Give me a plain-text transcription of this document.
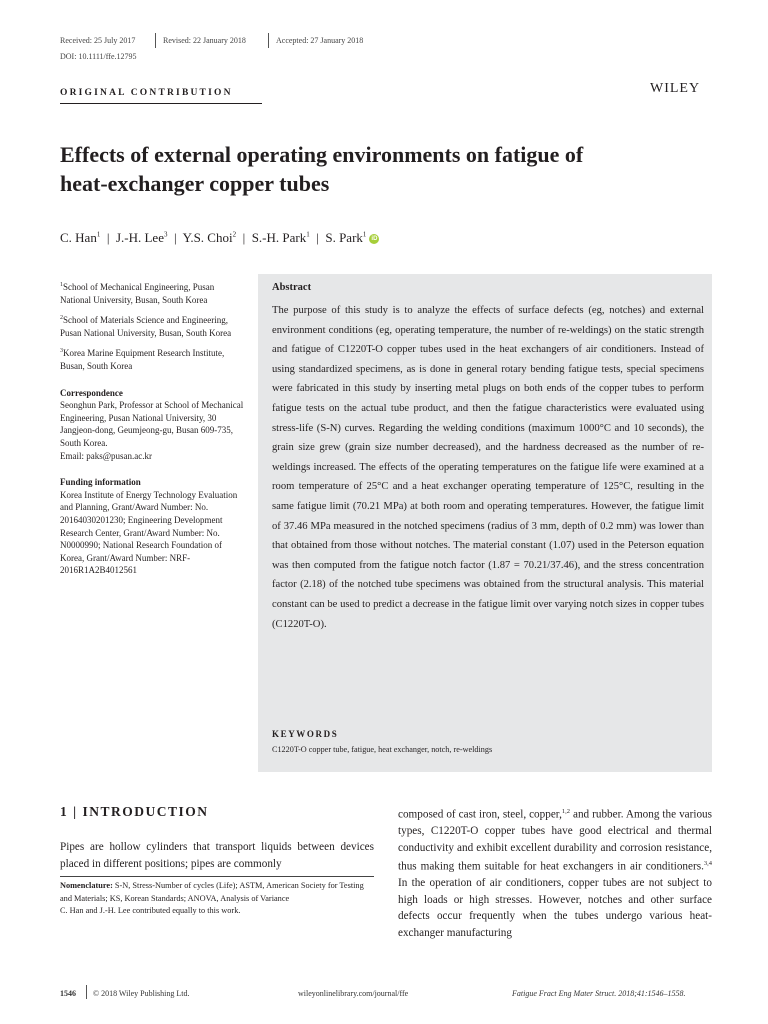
Received: 25 July 2017	Revised: 22 January 2018	Accepted: 27 January 2018
DOI: 10.1111/ffe.12795
ORIGINAL CONTRIBUTION	WILEY
Effects of external operating environments on fatigue of
heat-exchanger copper tubes
C. Han$^1$  |  J.-H. Lee$^3$  |  Y.S. Choi$^2$  |  S.-H. Park$^1$  |  S. Park$^1$iD
$^1$School of Mechanical Engineering, Pusan National University, Busan, South Korea
$^2$School of Materials Science and Engineering, Pusan National University, Busan, South Korea
$^3$Korea Marine Equipment Research Institute, Busan, South Korea
Correspondence
Seonghun Park, Professor at School of Mechanical Engineering, Pusan National University, 30 Jangjeon-dong, Geumjeong-gu, Busan 609-735, South Korea.
Email: paks@pusan.ac.kr
Funding information
Korea Institute of Energy Technology Evaluation and Planning, Grant/Award Number: No. 20164030201230; Engineering Development Research Center, Grant/Award Number: No. N0000990; National Research Foundation of Korea, Grant/Award Number: NRF-2016R1A2B4012561
Abstract
The purpose of this study is to analyze the effects of surface defects (eg, notches) and external environment conditions (eg, operating temperature, the number of re-weldings) on the static strength and fatigue of C1220T-O copper tubes used in the heat exchangers of air conditioners. Instead of using standardized specimens, as is done in general rotary bending fatigue tests, special specimens were fabricated in this study by inserting metal plugs on both ends of the copper tubes to perform fatigue tests on the actual tube product, and then the fatigue characteristics were evaluated using stress-life (S-N) curves. Regarding the welding conditions (maximum 1000°C and 10 seconds), the grain size grew (grain size number decreased), and the hardness decreased as the number of re-weldings increased. The effects of the operating temperatures on the fatigue life were examined at a room temperature of 25°C and a heat exchanger operating temperature of 125°C, resulting in the same fatigue limit (70.21 MPa) at both room and operating temperatures. However, the fatigue limit of 37.46 MPa measured in the notched specimens (radius of 3 mm, depth of 0.2 mm) was lower than that obtained from those without notches. The material constant (1.07) used in the Peterson equation was then computed from the fatigue notch factor (1.87 = 70.21/37.46), and the stress concentration factor (2.18) of the notched tube specimens was obtained from the structural analysis. This material constant can be used to predict a decrease in the fatigue limit over varying notch sizes in copper tubes (C1220T-O).
KEYWORDS
C1220T-O copper tube, fatigue, heat exchanger, notch, re-weldings
1 | INTRODUCTION
Pipes are hollow cylinders that transport liquids between devices placed in different positions; pipes are commonly
composed of cast iron, steel, copper,$^{1,2}$ and rubber. Among the various types, C1220T-O copper tubes have good electrical and thermal conductivity and exhibit excellent durability and corrosion resistance, thus making them suitable for heat exchangers in air conditioners.$^{3,4}$ In the operation of air conditioners, copper tubes are not subject to high loads or high stresses. However, notches and other surface defects occur frequently when the tubes undergo various heat-exchanger manufacturing
Nomenclature: S-N, Stress-Number of cycles (Life); ASTM, American Society for Testing and Materials; KS, Korean Standards; ANOVA, Analysis of Variance
C. Han and J.-H. Lee contributed equally to this work.
1546 © 2018 Wiley Publishing Ltd.	wileyonlinelibrary.com/journal/ffe	Fatigue Fract Eng Mater Struct. 2018;41:1546–1558.
